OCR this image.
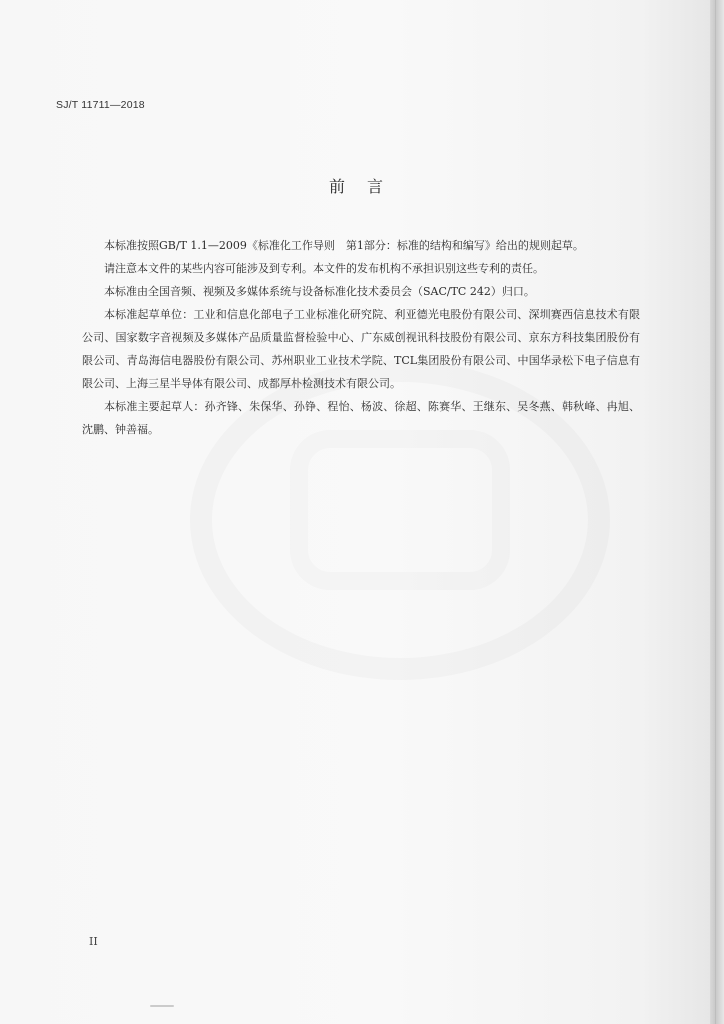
SJ/T 11711—2018
前言

本标准按照GB/T 1.1—2009《标准化工作导则　第1部分：标准的结构和编写》给出的规则起草。

请注意本文件的某些内容可能涉及到专利。本文件的发布机构不承担识别这些专利的责任。

本标准由全国音频、视频及多媒体系统与设备标准化技术委员会（SAC/TC 242）归口。

本标准起草单位：工业和信息化部电子工业标准化研究院、利亚德光电股份有限公司、深圳赛西信息技术有限公司、国家数字音视频及多媒体产品质量监督检验中心、广东威创视讯科技股份有限公司、京东方科技集团股份有限公司、青岛海信电器股份有限公司、苏州职业工业技术学院、TCL集团股份有限公司、中国华录松下电子信息有限公司、上海三星半导体有限公司、成都厚朴检测技术有限公司。

本标准主要起草人：孙齐锋、朱保华、孙铮、程怡、杨波、徐超、陈赛华、王继东、吴冬燕、韩秋峰、冉旭、沈鹏、钟善福。

II
